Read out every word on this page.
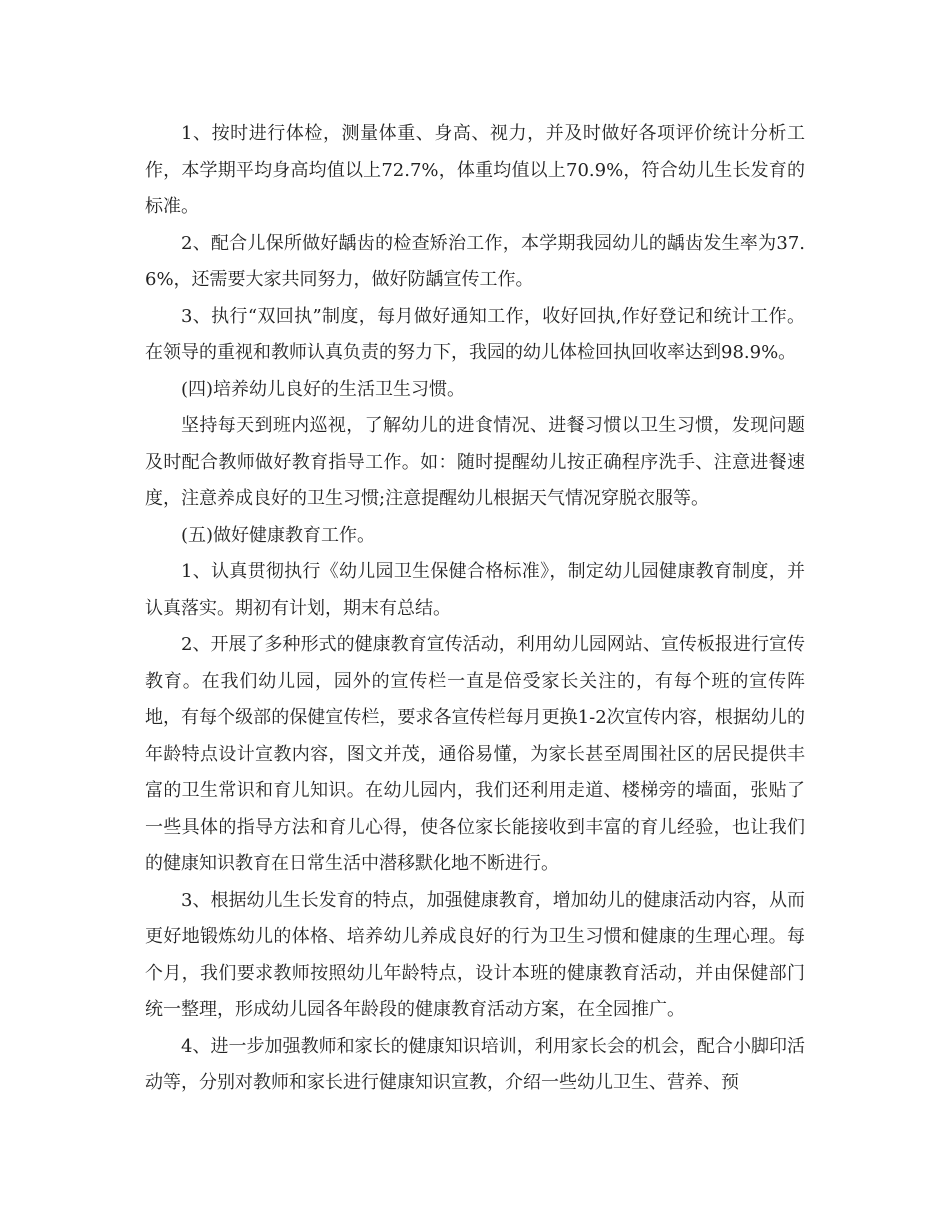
1、按时进行体检，测量体重、身高、视力，并及时做好各项评价统计分析工作，本学期平均身高均值以上72.7%，体重均值以上70.9%，符合幼儿生长发育的标准。

2、配合儿保所做好龋齿的检查矫治工作，本学期我园幼儿的龋齿发生率为37.6%，还需要大家共同努力，做好防龋宣传工作。

3、执行“双回执”制度，每月做好通知工作，收好回执,作好登记和统计工作。在领导的重视和教师认真负责的努力下，我园的幼儿体检回执回收率达到98.9%。

(四)培养幼儿良好的生活卫生习惯。

坚持每天到班内巡视，了解幼儿的进食情况、进餐习惯以卫生习惯，发现问题及时配合教师做好教育指导工作。如：随时提醒幼儿按正确程序洗手、注意进餐速度，注意养成良好的卫生习惯;注意提醒幼儿根据天气情况穿脱衣服等。

(五)做好健康教育工作。

1、认真贯彻执行《幼儿园卫生保健合格标准》，制定幼儿园健康教育制度，并认真落实。期初有计划，期末有总结。

2、开展了多种形式的健康教育宣传活动，利用幼儿园网站、宣传板报进行宣传教育。在我们幼儿园，园外的宣传栏一直是倍受家长关注的，有每个班的宣传阵地，有每个级部的保健宣传栏，要求各宣传栏每月更换1-2次宣传内容，根据幼儿的年龄特点设计宣教内容，图文并茂，通俗易懂，为家长甚至周围社区的居民提供丰富的卫生常识和育儿知识。在幼儿园内，我们还利用走道、楼梯旁的墙面，张贴了一些具体的指导方法和育儿心得，使各位家长能接收到丰富的育儿经验，也让我们的健康知识教育在日常生活中潜移默化地不断进行。

3、根据幼儿生长发育的特点，加强健康教育，增加幼儿的健康活动内容，从而更好地锻炼幼儿的体格、培养幼儿养成良好的行为卫生习惯和健康的生理心理。每个月，我们要求教师按照幼儿年龄特点，设计本班的健康教育活动，并由保健部门统一整理，形成幼儿园各年龄段的健康教育活动方案，在全园推广。

4、进一步加强教师和家长的健康知识培训，利用家长会的机会，配合小脚印活动等，分别对教师和家长进行健康知识宣教，介绍一些幼儿卫生、营养、预
